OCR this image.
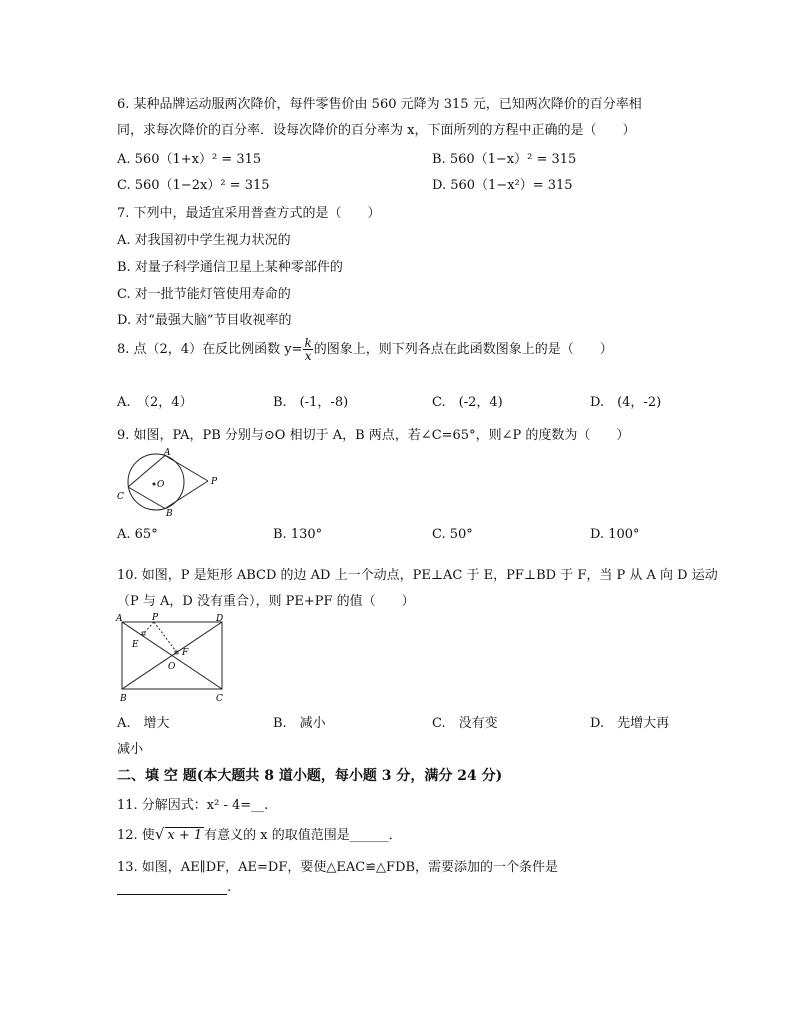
6. 某种品牌运动服两次降价，每件零售价由 560 元降为 315 元，已知两次降价的百分率相
同，求每次降价的百分率．设每次降价的百分率为 x，下面所列的方程中正确的是（　　）
A. 560（1+x）² = 315	B. 560（1−x）² = 315
C. 560（1−2x）² = 315	D. 560（1−x²）= 315
7. 下列中，最适宜采用普查方式的是（　　）
A. 对我国初中学生视力状况的
B. 对量子科学通信卫星上某种零部件的
C. 对一批节能灯管使用寿命的
D. 对“最强大脑”节目收视率的
8. 点（2，4）在反比例函数 $y= \frac{k}{x}$ 的图象上，则下列各点在此函数图象上的是（　　）
A.　（2，4）	B.　(-1，-8)	C.　(-2，4)	D.　(4，-2)
9. 如图，PA，PB 分别与⊙O 相切于 A，B 两点，若∠C=65°，则∠P 的度数为（　　）
A
B
C
O	P
A. 65°	B. 130°	C. 50°	D. 100°
10. 如图，P 是矩形 ABCD 的边 AD 上一个动点，PE⊥AC 于 E，PF⊥BD 于 F，当 P 从 A 向 D 运动
（P 与 A，D 没有重合），则 PE+PF 的值（　　）
A	P	D
E
F
O
B	C
A.　增大	B.　减小	C.　没有变	D.　先增大再
减小
二、填 空 题(本大题共 8 道小题，每小题 3 分，满分 24 分)
11. 分解因式：x² - 4=__.
12. 使√ x + 1 有意义的 x 的取值范围是______．
13. 如图，AE∥DF，AE=DF，要使△EAC≌△FDB，需要添加的一个条件是
.
